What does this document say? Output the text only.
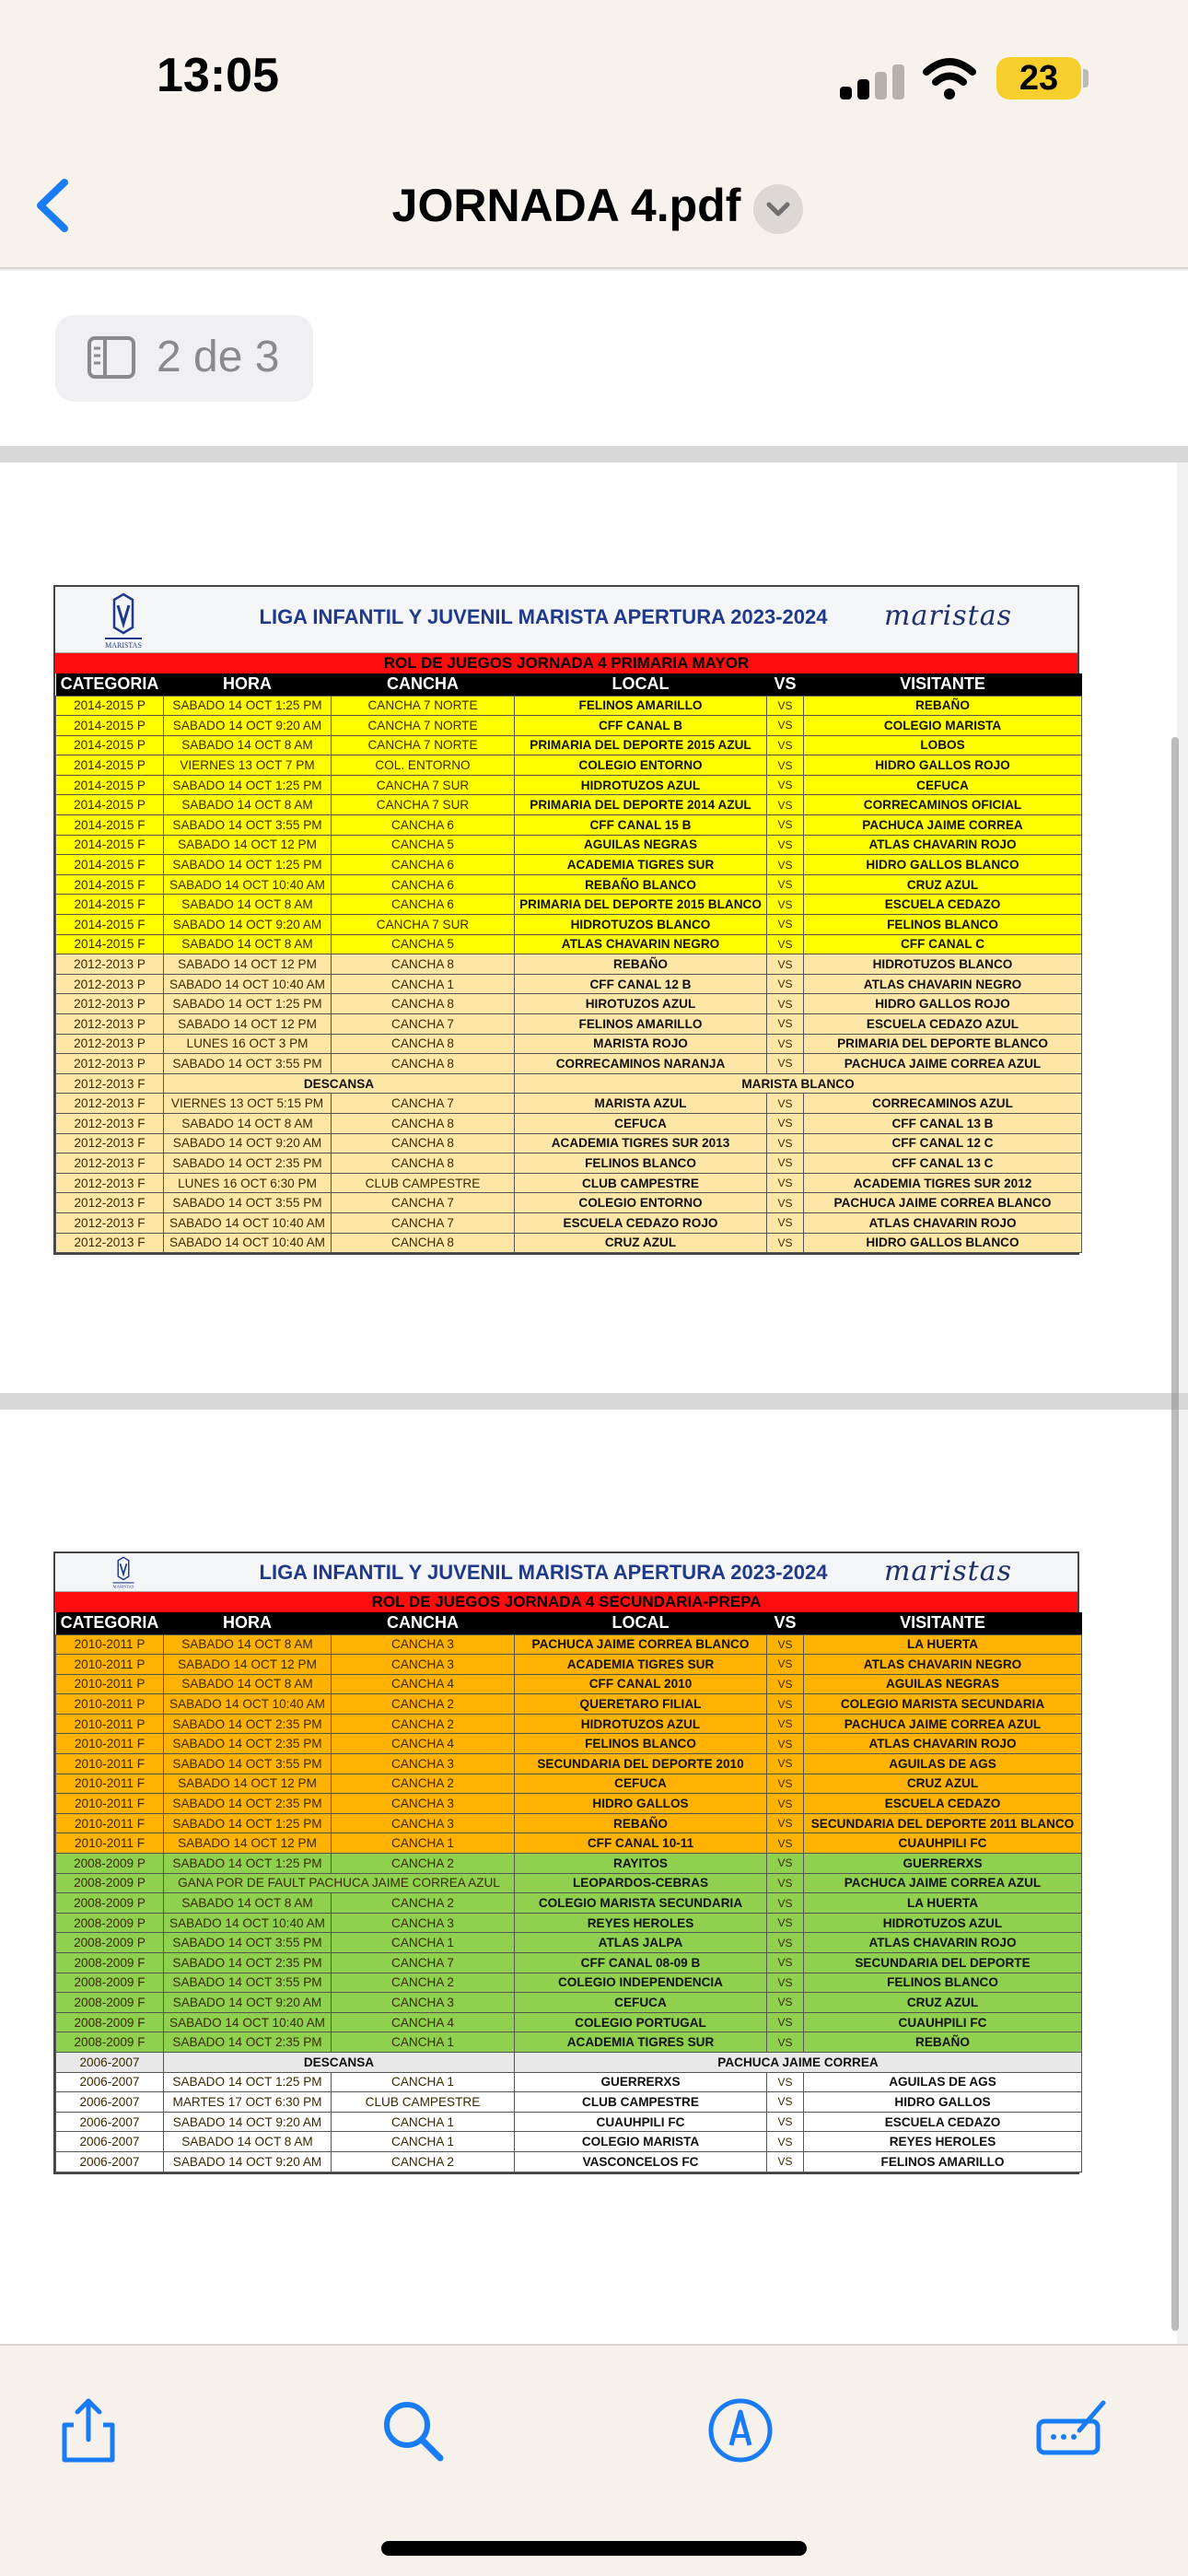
13:05	23
JORNADA 4.pdf
2 de 3
MARISTAS
LIGA INFANTIL Y JUVENIL MARISTA APERTURA 2023-2024	maristas
ROL DE JUEGOS JORNADA 4 PRIMARIA MAYOR
CATEGORIA	HORA	CANCHA	LOCAL	VS	VISITANTE
2014-2015 P	SABADO 14 OCT 1:25 PM	CANCHA 7 NORTE	FELINOS AMARILLO	VS	REBAÑO
2014-2015 P	SABADO 14 OCT 9:20 AM	CANCHA 7 NORTE	CFF CANAL B	VS	COLEGIO MARISTA
2014-2015 P	SABADO 14 OCT 8 AM	CANCHA 7 NORTE	PRIMARIA DEL DEPORTE 2015 AZUL	VS	LOBOS
2014-2015 P	VIERNES 13 OCT 7 PM	COL. ENTORNO	COLEGIO ENTORNO	VS	HIDRO GALLOS ROJO
2014-2015 P	SABADO 14 OCT 1:25 PM	CANCHA 7 SUR	HIDROTUZOS AZUL	VS	CEFUCA
2014-2015 P	SABADO 14 OCT 8 AM	CANCHA 7 SUR	PRIMARIA DEL DEPORTE 2014 AZUL	VS	CORRECAMINOS OFICIAL
2014-2015 F	SABADO 14 OCT 3:55 PM	CANCHA 6	CFF CANAL 15 B	VS	PACHUCA JAIME CORREA
2014-2015 F	SABADO 14 OCT 12 PM	CANCHA 5	AGUILAS NEGRAS	VS	ATLAS CHAVARIN ROJO
2014-2015 F	SABADO 14 OCT 1:25 PM	CANCHA 6	ACADEMIA TIGRES SUR	VS	HIDRO GALLOS BLANCO
2014-2015 F	SABADO 14 OCT 10:40 AM	CANCHA 6	REBAÑO BLANCO	VS	CRUZ AZUL
2014-2015 F	SABADO 14 OCT 8 AM	CANCHA 6	PRIMARIA DEL DEPORTE 2015 BLANCO	VS	ESCUELA CEDAZO
2014-2015 F	SABADO 14 OCT 9:20 AM	CANCHA 7 SUR	HIDROTUZOS BLANCO	VS	FELINOS BLANCO
2014-2015 F	SABADO 14 OCT 8 AM	CANCHA 5	ATLAS CHAVARIN NEGRO	VS	CFF CANAL C
2012-2013 P	SABADO 14 OCT 12 PM	CANCHA 8	REBAÑO	VS	HIDROTUZOS BLANCO
2012-2013 P	SABADO 14 OCT 10:40 AM	CANCHA 1	CFF CANAL 12 B	VS	ATLAS CHAVARIN NEGRO
2012-2013 P	SABADO 14 OCT 1:25 PM	CANCHA 8	HIROTUZOS AZUL	VS	HIDRO GALLOS ROJO
2012-2013 P	SABADO 14 OCT 12 PM	CANCHA 7	FELINOS AMARILLO	VS	ESCUELA CEDAZO AZUL
2012-2013 P	LUNES 16 OCT 3 PM	CANCHA 8	MARISTA ROJO	VS	PRIMARIA DEL DEPORTE BLANCO
2012-2013 P	SABADO 14 OCT 3:55 PM	CANCHA 8	CORRECAMINOS NARANJA	VS	PACHUCA JAIME CORREA AZUL
2012-2013 F	DESCANSA		MARISTA BLANCO		
2012-2013 F	VIERNES 13 OCT 5:15 PM	CANCHA 7	MARISTA AZUL	VS	CORRECAMINOS AZUL
2012-2013 F	SABADO 14 OCT 8 AM	CANCHA 8	CEFUCA	VS	CFF CANAL 13 B
2012-2013 F	SABADO 14 OCT 9:20 AM	CANCHA 8	ACADEMIA TIGRES SUR 2013	VS	CFF CANAL 12 C
2012-2013 F	SABADO 14 OCT 2:35 PM	CANCHA 8	FELINOS BLANCO	VS	CFF CANAL 13 C
2012-2013 F	LUNES 16 OCT 6:30 PM	CLUB CAMPESTRE	CLUB CAMPESTRE	VS	ACADEMIA TIGRES SUR 2012
2012-2013 F	SABADO 14 OCT 3:55 PM	CANCHA 7	COLEGIO ENTORNO	VS	PACHUCA JAIME CORREA BLANCO
2012-2013 F	SABADO 14 OCT 10:40 AM	CANCHA 7	ESCUELA CEDAZO ROJO	VS	ATLAS CHAVARIN ROJO
2012-2013 F	SABADO 14 OCT 10:40 AM	CANCHA 8	CRUZ AZUL	VS	HIDRO GALLOS BLANCO
MARISTAS
LIGA INFANTIL Y JUVENIL MARISTA APERTURA 2023-2024	maristas
ROL DE JUEGOS JORNADA 4 SECUNDARIA-PREPA
CATEGORIA	HORA	CANCHA	LOCAL	VS	VISITANTE
2010-2011 P	SABADO 14 OCT 8 AM	CANCHA 3	PACHUCA JAIME CORREA BLANCO	VS	LA HUERTA
2010-2011 P	SABADO 14 OCT 12 PM	CANCHA 3	ACADEMIA TIGRES SUR	VS	ATLAS CHAVARIN NEGRO
2010-2011 P	SABADO 14 OCT 8 AM	CANCHA 4	CFF CANAL 2010	VS	AGUILAS NEGRAS
2010-2011 P	SABADO 14 OCT 10:40 AM	CANCHA 2	QUERETARO FILIAL	VS	COLEGIO MARISTA SECUNDARIA
2010-2011 P	SABADO 14 OCT 2:35 PM	CANCHA 2	HIDROTUZOS AZUL	VS	PACHUCA JAIME CORREA AZUL
2010-2011 F	SABADO 14 OCT 2:35 PM	CANCHA 4	FELINOS BLANCO	VS	ATLAS CHAVARIN ROJO
2010-2011 F	SABADO 14 OCT 3:55 PM	CANCHA 3	SECUNDARIA DEL DEPORTE 2010	VS	AGUILAS DE AGS
2010-2011 F	SABADO 14 OCT 12 PM	CANCHA 2	CEFUCA	VS	CRUZ AZUL
2010-2011 F	SABADO 14 OCT 2:35 PM	CANCHA 3	HIDRO GALLOS	VS	ESCUELA CEDAZO
2010-2011 F	SABADO 14 OCT 1:25 PM	CANCHA 3	REBAÑO	VS	SECUNDARIA DEL DEPORTE 2011 BLANCO
2010-2011 F	SABADO 14 OCT 12 PM	CANCHA 1	CFF CANAL 10-11	VS	CUAUHPILI FC
2008-2009 P	SABADO 14 OCT 1:25 PM	CANCHA 2	RAYITOS	VS	GUERRERXS
2008-2009 P	GANA POR DE FAULT PACHUCA JAIME CORREA AZUL		LEOPARDOS-CEBRAS	VS	PACHUCA JAIME CORREA AZUL
2008-2009 P	SABADO 14 OCT 8 AM	CANCHA 2	COLEGIO MARISTA SECUNDARIA	VS	LA HUERTA
2008-2009 P	SABADO 14 OCT 10:40 AM	CANCHA 3	REYES HEROLES	VS	HIDROTUZOS AZUL
2008-2009 P	SABADO 14 OCT 3:55 PM	CANCHA 1	ATLAS JALPA	VS	ATLAS CHAVARIN ROJO
2008-2009 F	SABADO 14 OCT 2:35 PM	CANCHA 7	CFF CANAL 08-09 B	VS	SECUNDARIA DEL DEPORTE
2008-2009 F	SABADO 14 OCT 3:55 PM	CANCHA 2	COLEGIO INDEPENDENCIA	VS	FELINOS BLANCO
2008-2009 F	SABADO 14 OCT 9:20 AM	CANCHA 3	CEFUCA	VS	CRUZ AZUL
2008-2009 F	SABADO 14 OCT 10:40 AM	CANCHA 4	COLEGIO PORTUGAL	VS	CUAUHPILI FC
2008-2009 F	SABADO 14 OCT 2:35 PM	CANCHA 1	ACADEMIA TIGRES SUR	VS	REBAÑO
2006-2007	DESCANSA		PACHUCA JAIME CORREA		
2006-2007	SABADO 14 OCT 1:25 PM	CANCHA 1	GUERRERXS	VS	AGUILAS DE AGS
2006-2007	MARTES 17 OCT 6:30 PM	CLUB CAMPESTRE	CLUB CAMPESTRE	VS	HIDRO GALLOS
2006-2007	SABADO 14 OCT 9:20 AM	CANCHA 1	CUAUHPILI FC	VS	ESCUELA CEDAZO
2006-2007	SABADO 14 OCT 8 AM	CANCHA 1	COLEGIO MARISTA	VS	REYES HEROLES
2006-2007	SABADO 14 OCT 9:20 AM	CANCHA 2	VASCONCELOS FC	VS	FELINOS AMARILLO
